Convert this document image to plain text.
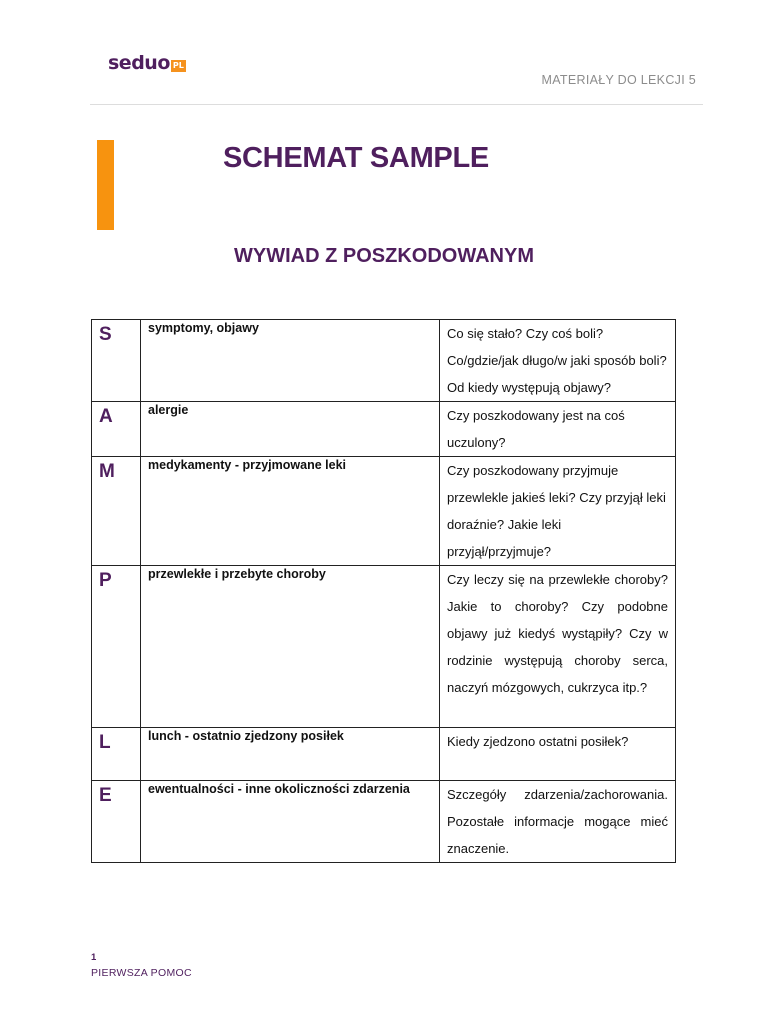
seduo PL
MATERIAŁY DO LEKCJI 5
SCHEMAT SAMPLE
WYWIAD Z POSZKODOWANYM
S	symptomy, objawy	Co się stało? Czy coś boli? Co/gdzie/jak długo/w jaki sposób boli? Od kiedy występują objawy?
A	alergie	Czy poszkodowany jest na coś uczulony?
M	medykamenty - przyjmowane leki	Czy poszkodowany przyjmuje przewlekle jakieś leki? Czy przyjął leki doraźnie? Jakie leki przyjął/przyjmuje?
P	przewlekłe i przebyte choroby	Czy leczy się na przewlekłe choroby? Jakie to choroby? Czy podobne objawy już kiedyś wystąpiły? Czy w rodzinie występują choroby serca, naczyń mózgowych, cukrzyca itp.?
L	lunch - ostatnio zjedzony posiłek	Kiedy zjedzono ostatni posiłek?
E	ewentualności - inne okoliczności zdarzenia	Szczegóły zdarzenia/zachorowania. Pozostałe informacje mogące mieć znaczenie.
1
PIERWSZA POMOC
